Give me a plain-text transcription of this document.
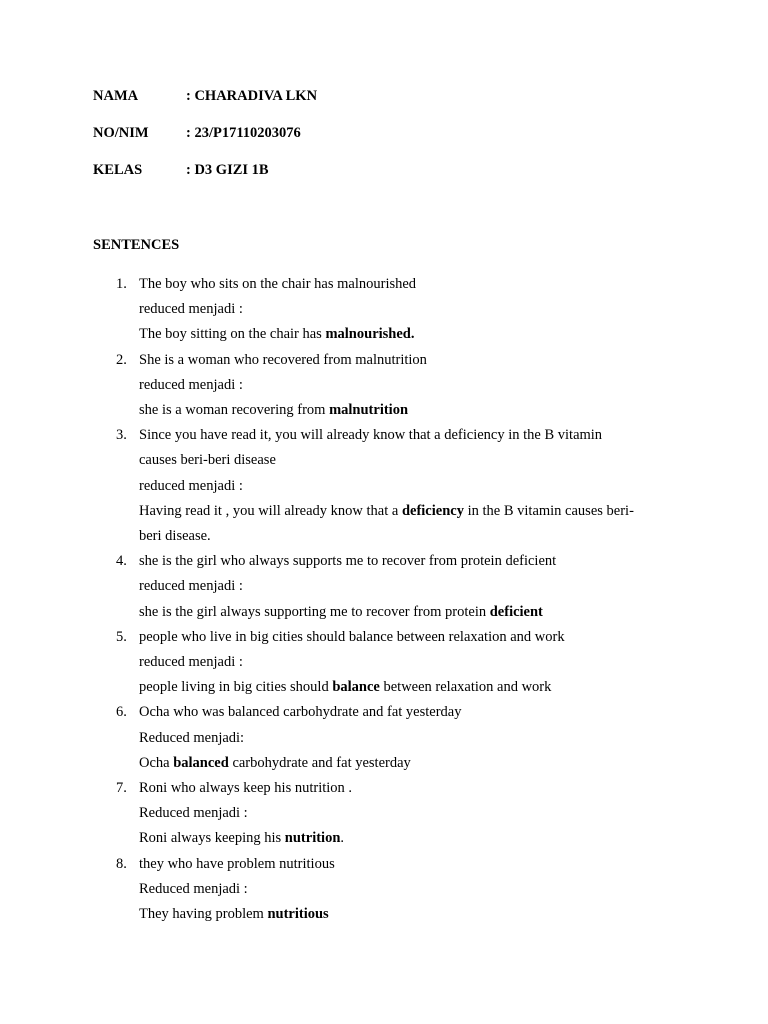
NAMA	: CHARADIVA LKN
NO/NIM	: 23/P17110203076
KELAS	: D3 GIZI 1B
SENTENCES
1. The boy who sits on the chair has malnourished
reduced menjadi :
The boy sitting on the chair has malnourished.
2. She is a woman who recovered from malnutrition
reduced menjadi :
she is a woman recovering from malnutrition
3. Since you have read it, you will already know that a deficiency in the B vitamin
causes beri-beri disease
reduced menjadi :
Having read it , you will already know that a deficiency in the B vitamin causes beri-
beri disease.
4. she is the girl who always supports me to recover from protein deficient
reduced menjadi :
she is the girl always supporting me to recover from protein deficient
5. people who live in big cities should balance between relaxation and work
reduced menjadi :
people living in big cities should balance between relaxation and work
6. Ocha who was balanced carbohydrate and fat yesterday
Reduced menjadi:
Ocha balanced carbohydrate and fat yesterday
7. Roni who always keep his nutrition .
Reduced menjadi :
Roni always keeping his nutrition.
8. they who have problem nutritious
Reduced menjadi :
They having problem nutritious
